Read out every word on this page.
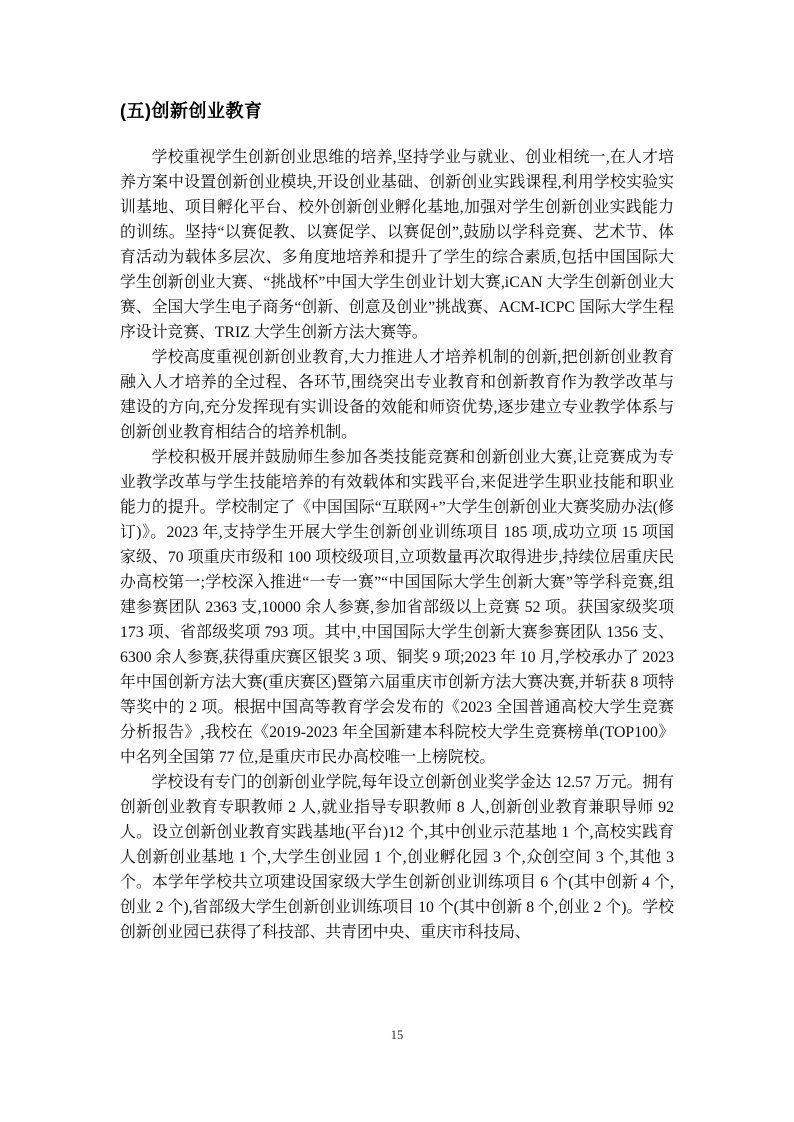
(五)创新创业教育

学校重视学生创新创业思维的培养,坚持学业与就业、创业相统一,在人才培养方案中设置创新创业模块,开设创业基础、创新创业实践课程,利用学校实验实训基地、项目孵化平台、校外创新创业孵化基地,加强对学生创新创业实践能力的训练。坚持“以赛促教、以赛促学、以赛促创”,鼓励以学科竞赛、艺术节、体育活动为载体多层次、多角度地培养和提升了学生的综合素质,包括中国国际大学生创新创业大赛、“挑战杯”中国大学生创业计划大赛,iCAN 大学生创新创业大赛、全国大学生电子商务“创新、创意及创业”挑战赛、ACM-ICPC 国际大学生程序设计竞赛、TRIZ 大学生创新方法大赛等。

学校高度重视创新创业教育,大力推进人才培养机制的创新,把创新创业教育融入人才培养的全过程、各环节,围绕突出专业教育和创新教育作为教学改革与建设的方向,充分发挥现有实训设备的效能和师资优势,逐步建立专业教学体系与创新创业教育相结合的培养机制。

学校积极开展并鼓励师生参加各类技能竞赛和创新创业大赛,让竞赛成为专业教学改革与学生技能培养的有效载体和实践平台,来促进学生职业技能和职业能力的提升。学校制定了《中国国际“互联网+”大学生创新创业大赛奖励办法(修订)》。2023 年,支持学生开展大学生创新创业训练项目 185 项,成功立项 15 项国家级、70 项重庆市级和 100 项校级项目,立项数量再次取得进步,持续位居重庆民办高校第一;学校深入推进“一专一赛”“中国国际大学生创新大赛”等学科竞赛,组建参赛团队 2363 支,10000 余人参赛,参加省部级以上竞赛 52 项。获国家级奖项 173 项、省部级奖项 793 项。其中,中国国际大学生创新大赛参赛团队 1356 支、6300 余人参赛,获得重庆赛区银奖 3 项、铜奖 9 项;2023 年 10 月,学校承办了 2023 年中国创新方法大赛(重庆赛区)暨第六届重庆市创新方法大赛决赛,并斩获 8 项特等奖中的 2 项。根据中国高等教育学会发布的《2023 全国普通高校大学生竞赛分析报告》,我校在《2019-2023 年全国新建本科院校大学生竞赛榜单(TOP100》中名列全国第 77 位,是重庆市民办高校唯一上榜院校。

学校设有专门的创新创业学院,每年设立创新创业奖学金达 12.57 万元。拥有创新创业教育专职教师 2 人,就业指导专职教师 8 人,创新创业教育兼职导师 92 人。设立创新创业教育实践基地(平台)12 个,其中创业示范基地 1 个,高校实践育人创新创业基地 1 个,大学生创业园 1 个,创业孵化园 3 个,众创空间 3 个,其他 3 个。本学年学校共立项建设国家级大学生创新创业训练项目 6 个(其中创新 4 个,创业 2 个),省部级大学生创新创业训练项目 10 个(其中创新 8 个,创业 2 个)。学校创新创业园已获得了科技部、共青团中央、重庆市科技局、

15
